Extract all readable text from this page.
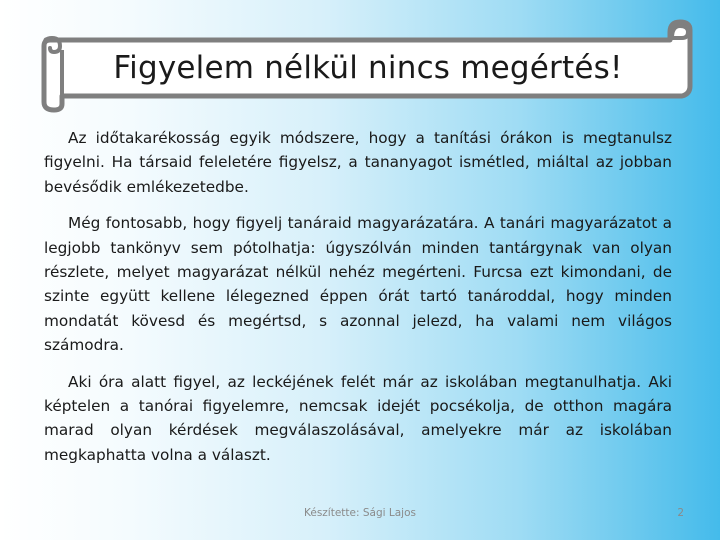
Figyelem nélkül nincs megértés!

Az időtakarékosság egyik módszere, hogy a tanítási órákon is megtanulsz figyelni. Ha társaid feleletére figyelsz, a tananyagot ismétled, miáltal az jobban bevésődik emlékezetedbe.

Még fontosabb, hogy figyelj tanáraid magyarázatára. A tanári magyarázatot a legjobb tankönyv sem pótolhatja: úgyszólván minden tantárgynak van olyan részlete, melyet magyarázat nélkül nehéz megérteni. Furcsa ezt kimondani, de szinte együtt kellene lélegezned éppen órát tartó tanároddal, hogy minden mondatát kövesd és megértsd, s azonnal jelezd, ha valami nem világos számodra.

Aki óra alatt figyel, az leckéjének felét már az iskolában megtanulhatja. Aki képtelen a tanórai figyelemre, nemcsak idejét pocsékolja, de otthon magára marad olyan kérdések megválaszolásával, amelyekre már az iskolában megkaphatta volna a választ.

Készítette: Sági Lajos	2
